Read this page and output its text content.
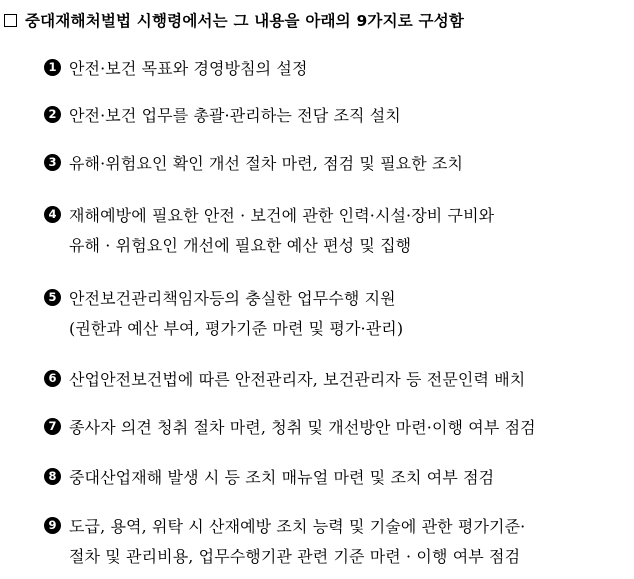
중대재해처벌법 시행령에서는 그 내용을 아래의 9가지로 구성함
1 안전·보건 목표와 경영방침의 설정
2 안전·보건 업무를 총괄·관리하는 전담 조직 설치
3 유해·위험요인 확인 개선 절차 마련, 점검 및 필요한 조치
4 재해예방에 필요한 안전 · 보건에 관한 인력·시설·장비 구비와
유해 · 위험요인 개선에 필요한 예산 편성 및 집행
5 안전보건관리책임자등의 충실한 업무수행 지원
(권한과 예산 부여, 평가기준 마련 및 평가·관리)
6 산업안전보건법에 따른 안전관리자, 보건관리자 등 전문인력 배치
7 종사자 의견 청취 절차 마련, 청취 및 개선방안 마련·이행 여부 점검
8 중대산업재해 발생 시 등 조치 매뉴얼 마련 및 조치 여부 점검
9 도급, 용역, 위탁 시 산재예방 조치 능력 및 기술에 관한 평가기준·
절차 및 관리비용, 업무수행기관 관련 기준 마련 · 이행 여부 점검
